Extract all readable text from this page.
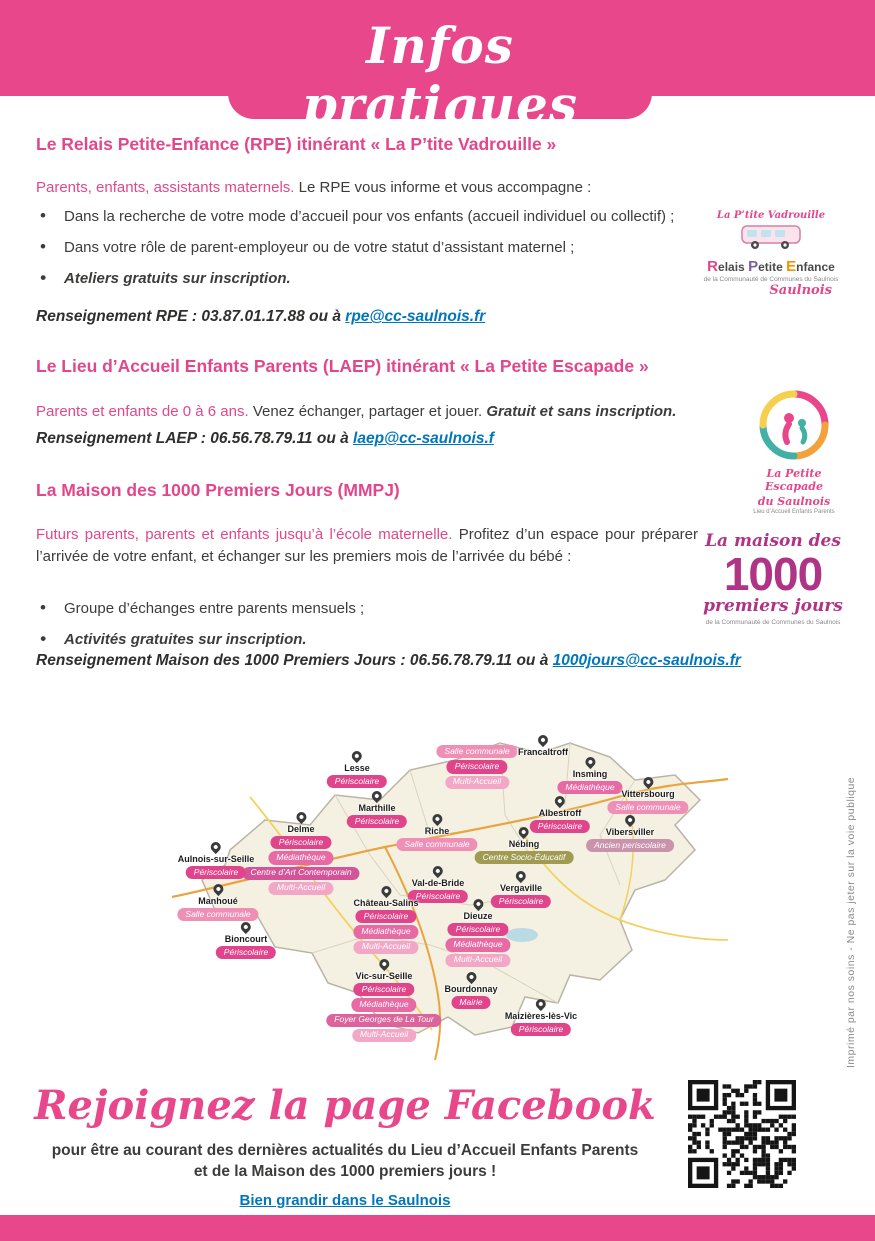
Infos pratiques
Le Relais Petite-Enfance (RPE) itinérant « La P’tite Vadrouille »
Parents, enfants, assistants maternels. Le RPE vous informe et vous accompagne :
• Dans la recherche de votre mode d’accueil pour vos enfants (accueil individuel ou collectif) ;
• Dans votre rôle de parent-employeur ou de votre statut d’assistant maternel ;
• Ateliers gratuits sur inscription.
Renseignement RPE : 03.87.01.17.88 ou à rpe@cc-saulnois.fr
La P’tite Vadrouille
Relais Petite Enfance
de la Communauté de Communes du Saulnois
Saulnois
Le Lieu d’Accueil Enfants Parents (LAEP) itinérant « La Petite Escapade »
Parents et enfants de 0 à 6 ans. Venez échanger, partager et jouer. Gratuit et sans inscription.
Renseignement LAEP : 06.56.78.79.11 ou à laep@cc-saulnois.f
La Petite Escapade
du Saulnois
Lieu d’Accueil Enfants Parents
La Maison des 1000 Premiers Jours (MMPJ)
Futurs parents, parents et enfants jusqu’à l’école maternelle. Profitez d’un espace pour préparer l’arrivée de votre enfant, et échanger sur les premiers mois de l’arrivée du bébé :
• Groupe d’échanges entre parents mensuels ;
• Activités gratuites sur inscription.
Renseignement Maison des 1000 Premiers Jours : 06.56.78.79.11 ou à 1000jours@cc-saulnois.fr
La maison des
1000
premiers jours
de la Communauté de Communes du Saulnois
Lesse
Périscolaire
Salle communale
Périscolaire
Multi-Accueil
Francaltroff
Insming
Médiathèque
Vittersbourg
Salle communale
Marthille
Périscolaire
Albestroff
Périscolaire
Vibersviller
Ancien periscolaire
Delme
Périscolaire
Médiathèque
Centre d’Art Contemporain
Multi-Accueil
Riche
Salle communale	Nébing
Centre Socio-Éducatif
Aulnois-sur-Seille
Périscolaire
Val-de-Bride
Périscolaire
Vergaville
Périscolaire
Manhoué
Salle communale
Château-Salins
Périscolaire
Médiathèque
Multi-Accueil
Dieuze
Périscolaire
Médiathèque
Multi-Accueil
Bioncourt
Périscolaire
Vic-sur-Seille
Périscolaire
Médiathèque
Foyer Georges de La Tour
Multi-Accueil
Bourdonnay
Mairie
Maizières-lès-Vic
Périscolaire
Rejoignez la page Facebook
pour être au courant des dernières actualités du Lieu d’Accueil Enfants Parents
et de la Maison des 1000 premiers jours !
Bien grandir dans le Saulnois
Imprimé par nos soins - Ne pas jeter sur la voie publique
